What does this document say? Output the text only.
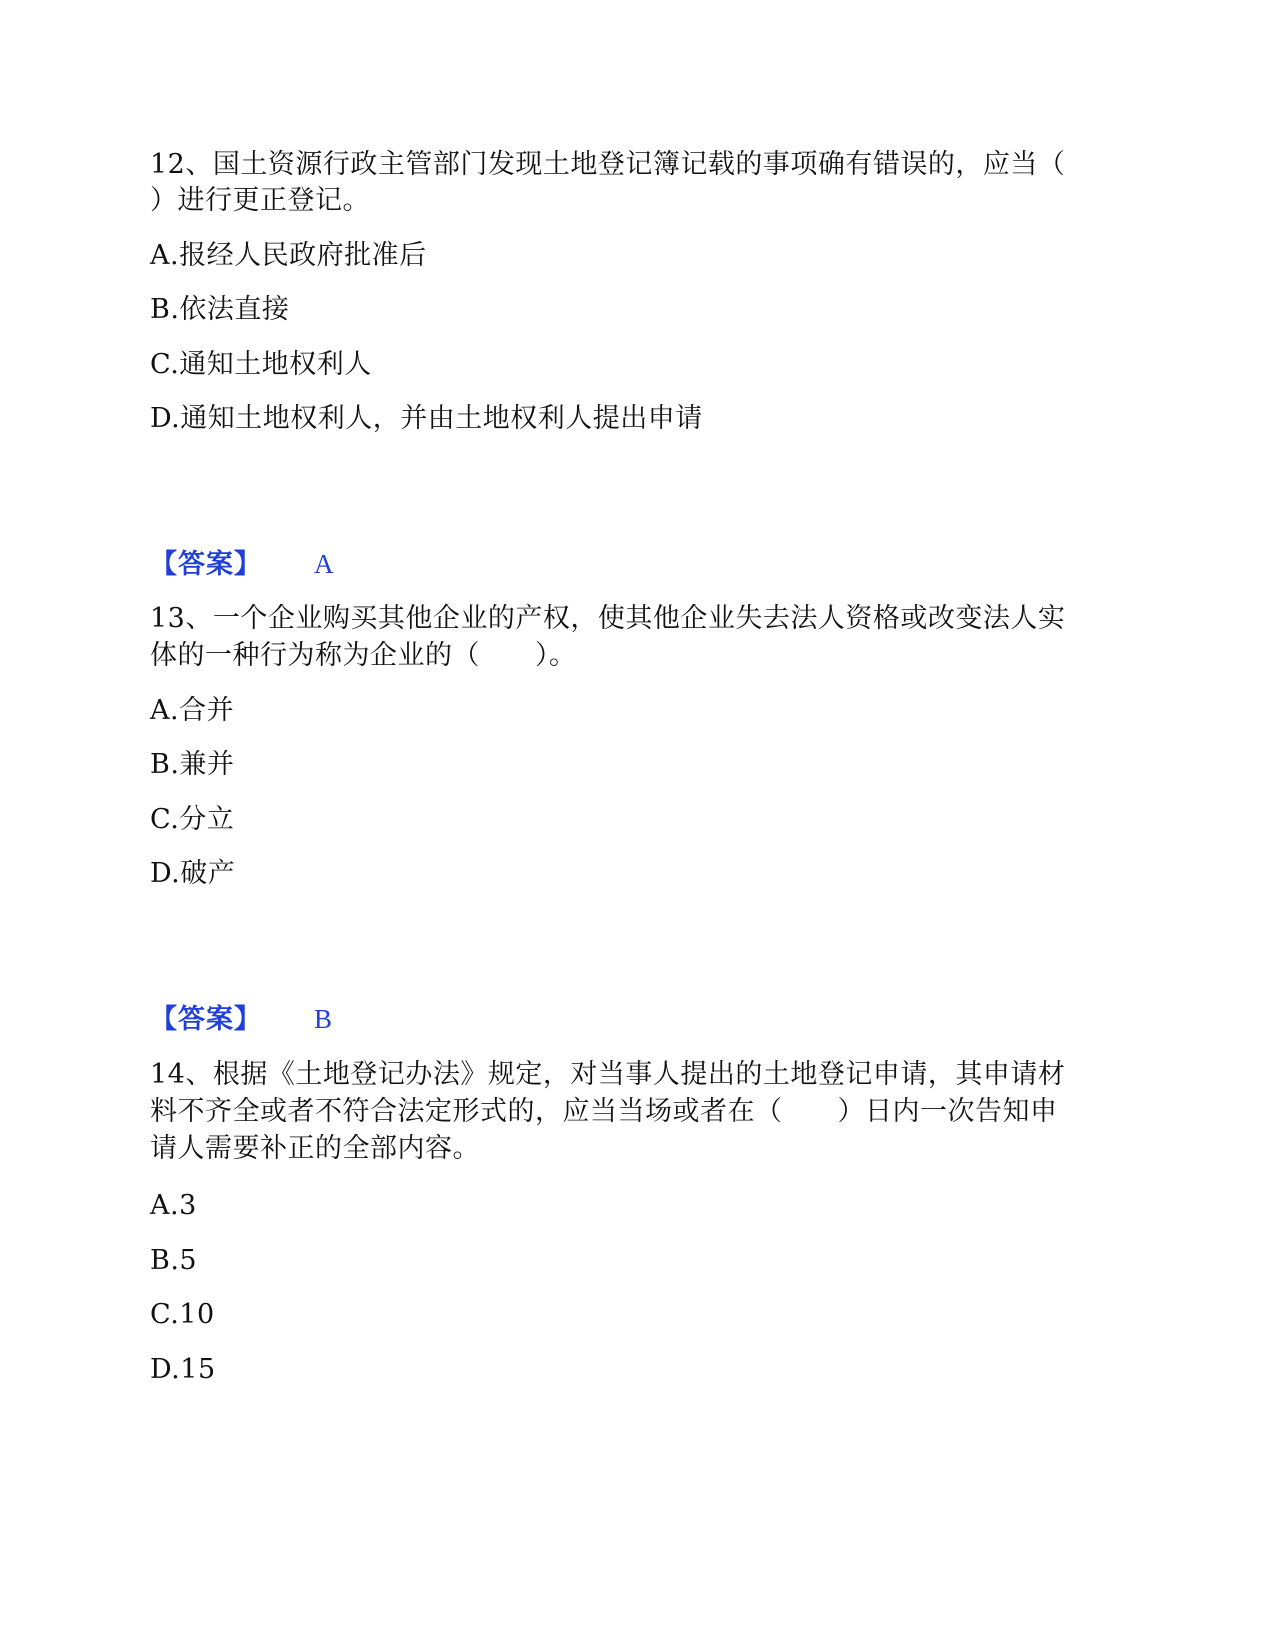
12、国土资源行政主管部门发现土地登记簿记载的事项确有错误的，应当（
）进行更正登记。
A.报经人民政府批准后
B.依法直接
C.通知土地权利人
D.通知土地权利人，并由土地权利人提出申请
【答案】 A
13、一个企业购买其他企业的产权，使其他企业失去法人资格或改变法人实
体的一种行为称为企业的（　　）。
A.合并
B.兼并
C.分立
D.破产
【答案】 B
14、根据《土地登记办法》规定，对当事人提出的土地登记申请，其申请材
料不齐全或者不符合法定形式的，应当当场或者在（　　）日内一次告知申
请人需要补正的全部内容。
A.3
B.5
C.10
D.15
